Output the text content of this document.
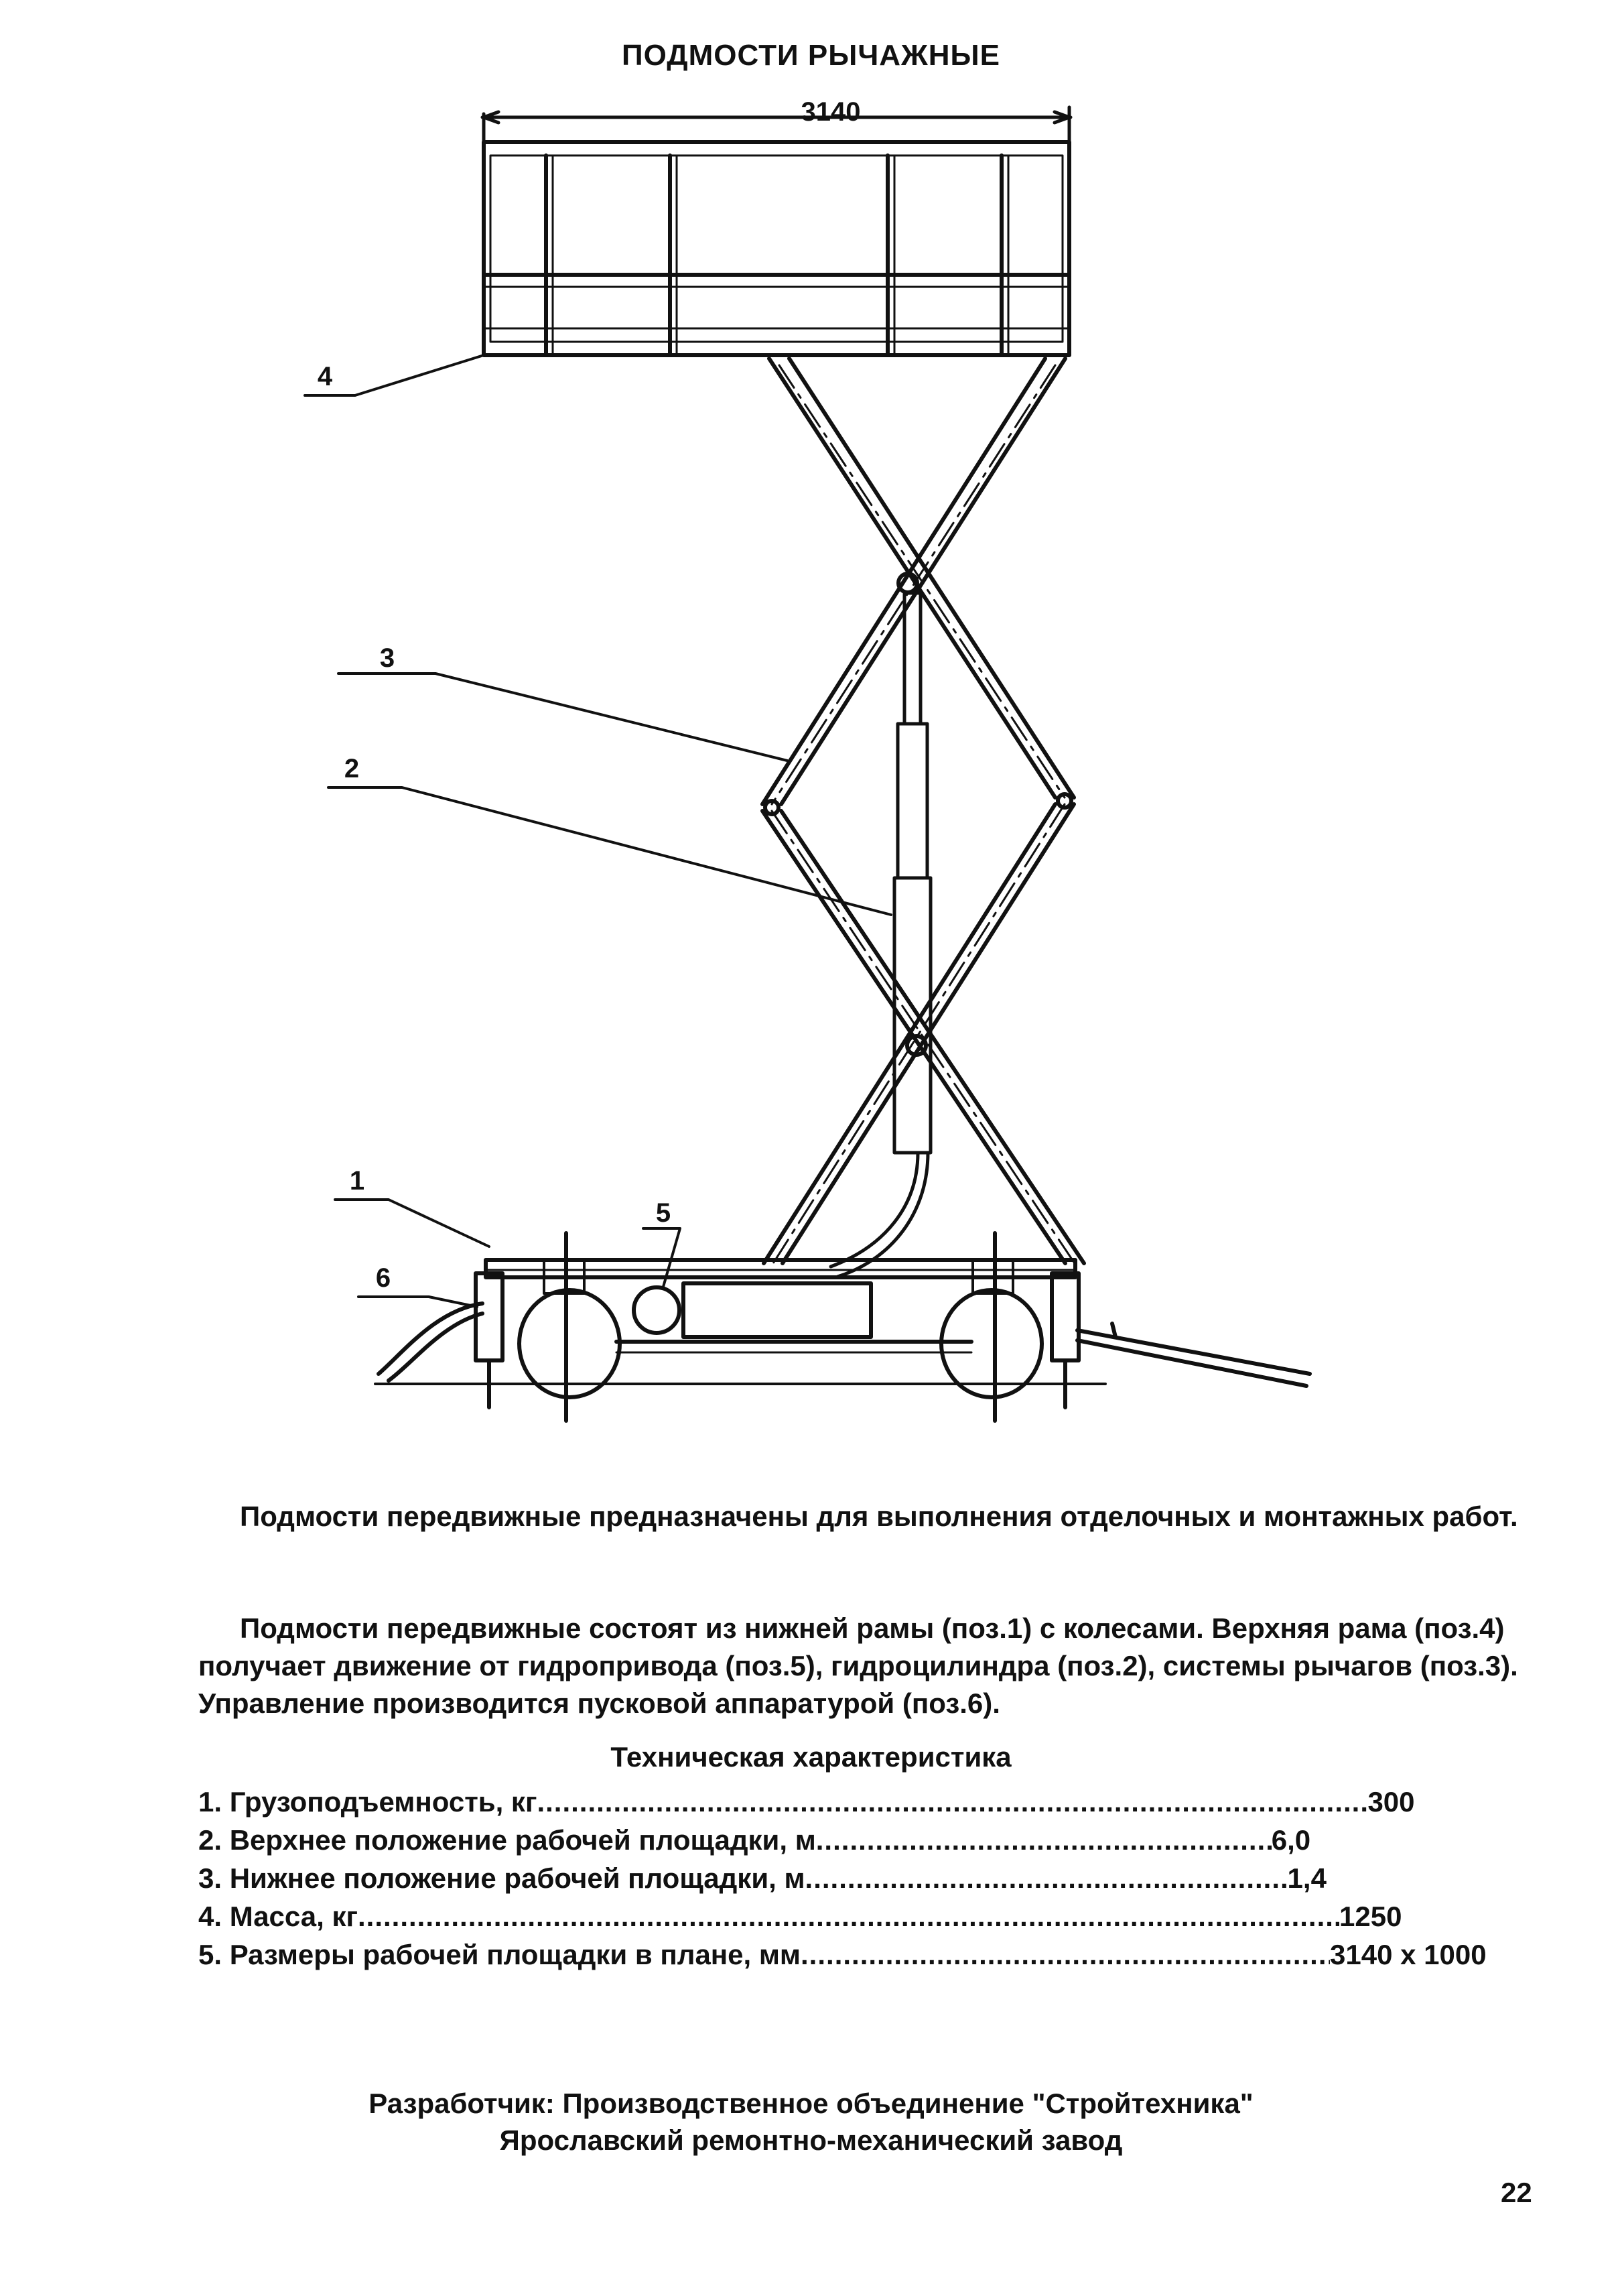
ПОДМОСТИ РЫЧАЖНЫЕ
3140
4
3
2
1
5
6

Подмости передвижные предназначены для выполнения отделочных и монтажных работ.

Подмости передвижные состоят из нижней рамы (поз.1) с колесами. Верхняя рама (поз.4) получает движение от гидропривода (поз.5), гидроцилиндра (поз.2), системы рычагов (поз.3). Управление производится пусковой аппаратурой (поз.6).

Техническая характеристика
1. Грузоподъемность, кг .....	300
2. Верхнее положение рабочей площадки, м .....	6,0
3. Нижнее положение рабочей площадки, м .....	1,4
4. Масса, кг .....	1250
5. Размеры рабочей площадки в плане, мм .....	3140 x 1000
Разработчик: Производственное объединение "Стройтехника"
Ярославский ремонтно-механический завод
22
